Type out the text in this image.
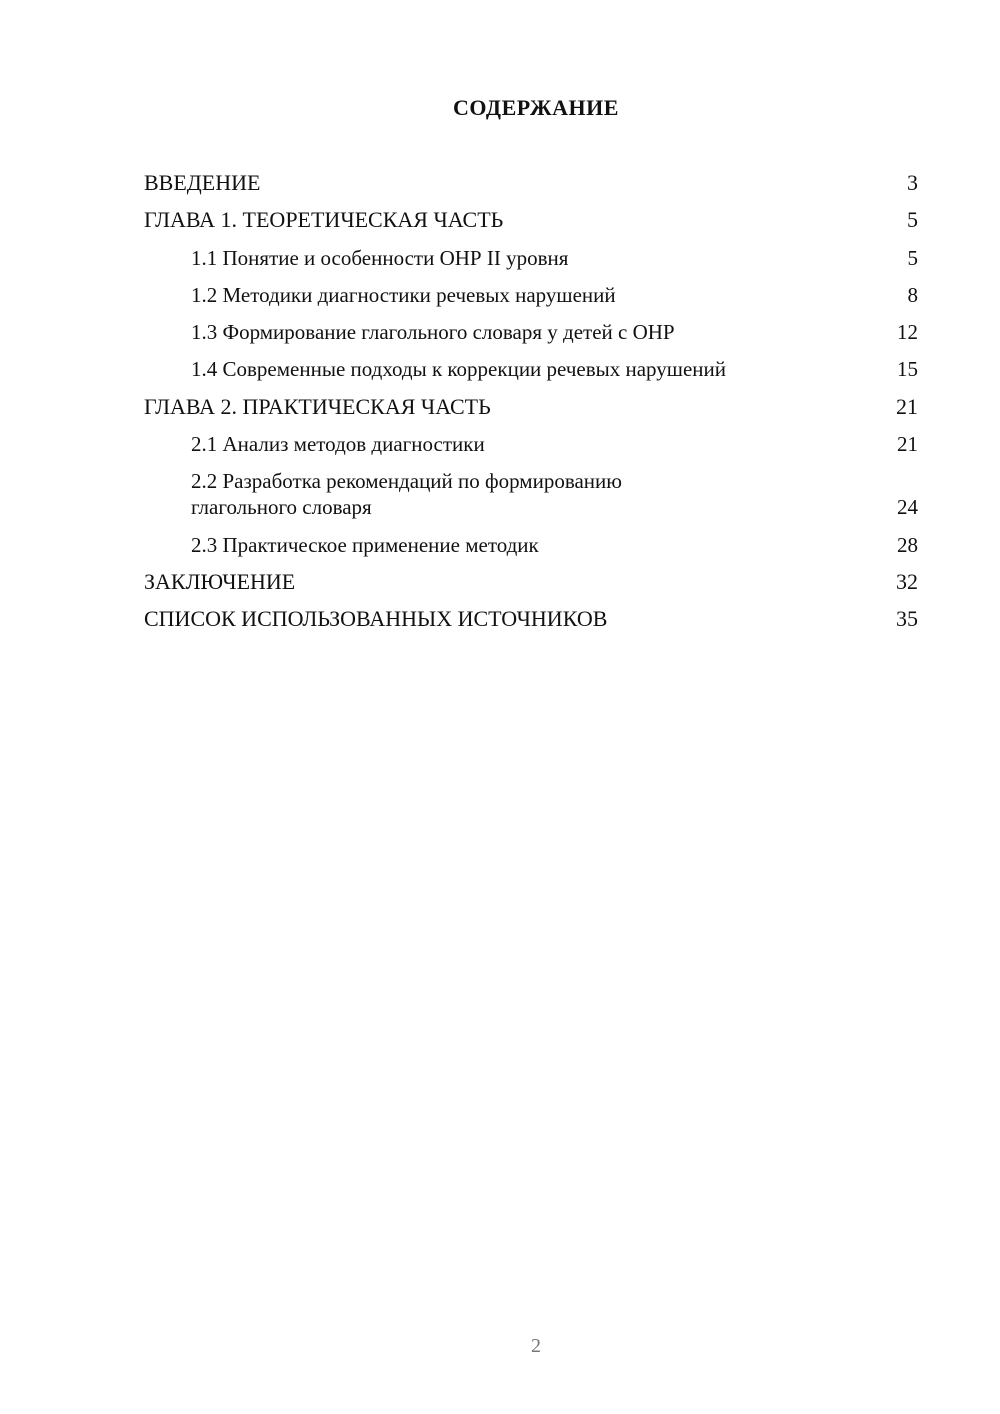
СОДЕРЖАНИЕ
ВВЕДЕНИЕ	3
ГЛАВА 1. ТЕОРЕТИЧЕСКАЯ ЧАСТЬ	5
1.1 Понятие и особенности ОНР II уровня	5
1.2 Методики диагностики речевых нарушений	8
1.3 Формирование глагольного словаря у детей с ОНР	12
1.4 Современные подходы к коррекции речевых нарушений	15
ГЛАВА 2. ПРАКТИЧЕСКАЯ ЧАСТЬ	21
2.1 Анализ методов диагностики	21
2.2 Разработка рекомендаций по формированию глагольного словаря	24
2.3 Практическое применение методик	28
ЗАКЛЮЧЕНИЕ	32
СПИСОК ИСПОЛЬЗОВАННЫХ ИСТОЧНИКОВ	35
2
